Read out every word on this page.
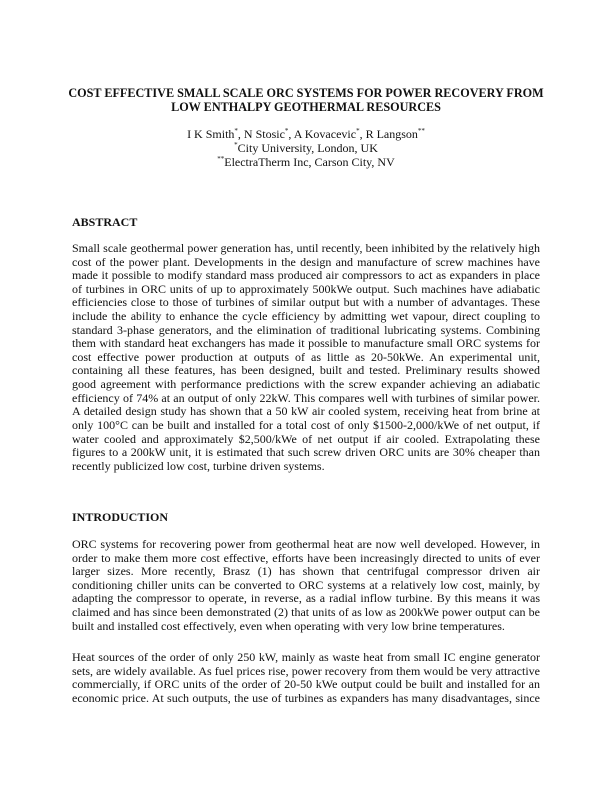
COST EFFECTIVE SMALL SCALE ORC SYSTEMS FOR POWER RECOVERY FROM
LOW ENTHALPY GEOTHERMAL RESOURCES
I K Smith*, N Stosic*, A Kovacevic*, R Langson**
*City University, London, UK
**ElectraTherm Inc, Carson City, NV
ABSTRACT
Small scale geothermal power generation has, until recently, been inhibited by the relatively high
cost of the power plant. Developments in the design and manufacture of screw machines have
made it possible to modify standard mass produced air compressors to act as expanders in place
of turbines in ORC units of up to approximately 500kWe output. Such machines have adiabatic
efficiencies close to those of turbines of similar output but with a number of advantages. These
include the ability to enhance the cycle efficiency by admitting wet vapour, direct coupling to
standard 3-phase generators, and the elimination of traditional lubricating systems. Combining
them with standard heat exchangers has made it possible to manufacture small ORC systems for
cost effective power production at outputs of as little as 20-50kWe. An experimental unit,
containing all these features, has been designed, built and tested. Preliminary results showed
good agreement with performance predictions with the screw expander achieving an adiabatic
efficiency of 74% at an output of only 22kW. This compares well with turbines of similar power.
A detailed design study has shown that a 50 kW air cooled system, receiving heat from brine at
only 100°C can be built and installed for a total cost of only $1500-2,000/kWe of net output, if
water cooled and approximately $2,500/kWe of net output if air cooled. Extrapolating these
figures to a 200kW unit, it is estimated that such screw driven ORC units are 30% cheaper than
recently publicized low cost, turbine driven systems.
INTRODUCTION
ORC systems for recovering power from geothermal heat are now well developed. However, in
order to make them more cost effective, efforts have been increasingly directed to units of ever
larger sizes. More recently, Brasz (1) has shown that centrifugal compressor driven air
conditioning chiller units can be converted to ORC systems at a relatively low cost, mainly, by
adapting the compressor to operate, in reverse, as a radial inflow turbine. By this means it was
claimed and has since been demonstrated (2) that units of as low as 200kWe power output can be
built and installed cost effectively, even when operating with very low brine temperatures.
Heat sources of the order of only 250 kW, mainly as waste heat from small IC engine generator
sets, are widely available. As fuel prices rise, power recovery from them would be very attractive
commercially, if ORC units of the order of 20-50 kWe output could be built and installed for an
economic price. At such outputs, the use of turbines as expanders has many disadvantages, since
